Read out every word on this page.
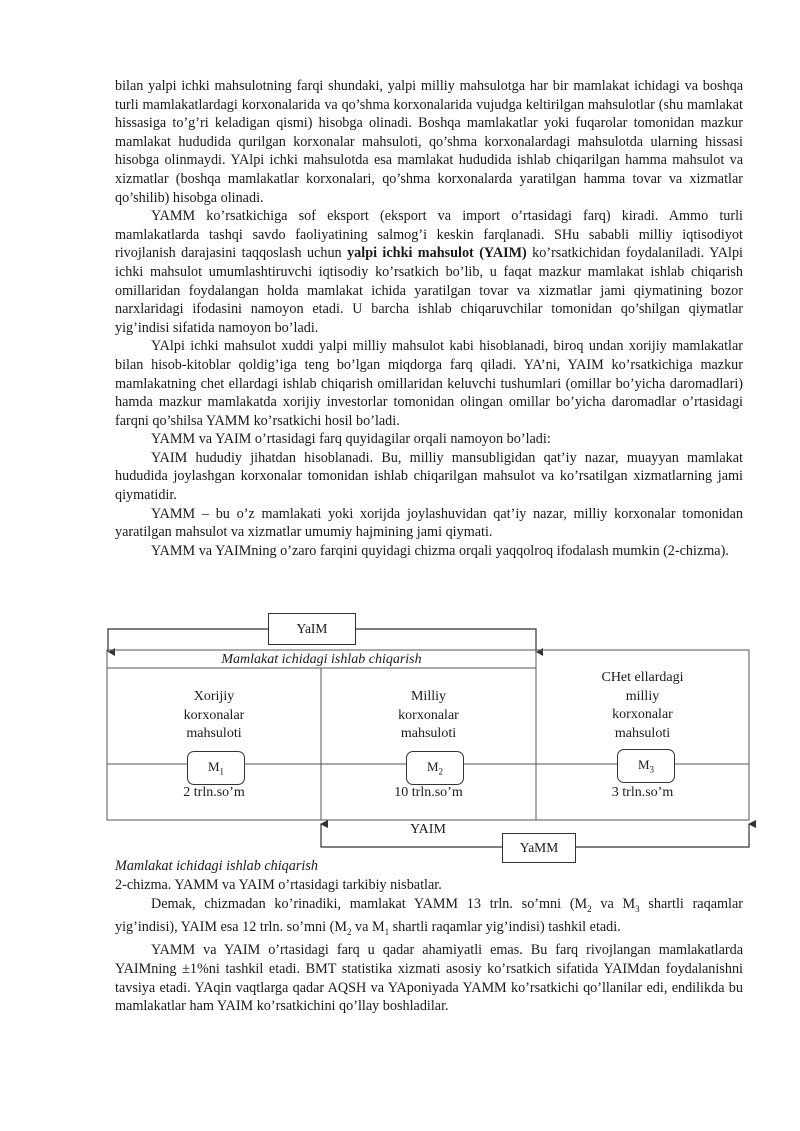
bilan yalpi ichki mahsulotning farqi shundaki, yalpi milliy mahsulotga har bir mamlakat ichidagi va boshqa turli mamlakatlardagi korxonalarida va qo’shma korxonalarida vujudga keltirilgan mahsulotlar (shu mamlakat hissasiga to’g’ri keladigan qismi) hisobga olinadi. Boshqa mamlakatlar yoki fuqarolar tomonidan mazkur mamlakat hududida qurilgan korxonalar mahsuloti, qo’shma korxonalardagi mahsulotda ularning hissasi hisobga olinmaydi. YAlpi ichki mahsulotda esa mamlakat hududida ishlab chiqarilgan hamma mahsulot va xizmatlar (boshqa mamlakatlar korxonalari, qo’shma korxonalarda yaratilgan hamma tovar va xizmatlar qo’shilib) hisobga olinadi.

YAMM ko’rsatkichiga sof eksport (eksport va import o’rtasidagi farq) kiradi. Ammo turli mamlakatlarda tashqi savdo faoliyatining salmog’i keskin farqlanadi. SHu sababli milliy iqtisodiyot rivojlanish darajasini taqqoslash uchun yalpi ichki mahsulot (YAIM) ko’rsatkichidan foydalaniladi. YAlpi ichki mahsulot umumlashtiruvchi iqtisodiy ko’rsatkich bo’lib, u faqat mazkur mamlakat ishlab chiqarish omillaridan foydalangan holda mamlakat ichida yaratilgan tovar va xizmatlar jami qiymatining bozor narxlaridagi ifodasini namoyon etadi. U barcha ishlab chiqaruvchilar tomonidan qo’shilgan qiymatlar yig’indisi sifatida namoyon bo’ladi.

YAlpi ichki mahsulot xuddi yalpi milliy mahsulot kabi hisoblanadi, biroq undan xorijiy mamlakatlar bilan hisob-kitoblar qoldig’iga teng bo’lgan miqdorga farq qiladi. YA’ni, YAIM ko’rsatkichiga mazkur mamlakatning chet ellardagi ishlab chiqarish omillaridan keluvchi tushumlari (omillar bo’yicha daromadlari) hamda mazkur mamlakatda xorijiy investorlar tomonidan olingan omillar bo’yicha daromadlar o’rtasidagi farqni qo’shilsa YAMM ko’rsatkichi hosil bo’ladi.

YAMM va YAIM o’rtasidagi farq quyidagilar orqali namoyon bo’ladi:

YAIM hududiy jihatdan hisoblanadi. Bu, milliy mansubligidan qat’iy nazar, muayyan mamlakat hududida joylashgan korxonalar tomonidan ishlab chiqarilgan mahsulot va ko’rsatilgan xizmatlarning jami qiymatidir.

YAMM – bu o’z mamlakati yoki xorijda joylashuvidan qat’iy nazar, milliy korxonalar tomonidan yaratilgan mahsulot va xizmatlar umumiy hajmining jami qiymati.

YAMM va YAIMning o’zaro farqini quyidagi chizma orqali yaqqolroq ifodalash mumkin (2-chizma).

YaIM
Mamlakat ichidagi ishlab chiqarish
Xorijiy
korxonalar
mahsuloti
$M_1$
2 trln.so’m
Milliy
korxonalar
mahsuloti
$M_2$
10 trln.so’m
CHet ellardagi
milliy
korxonalar
mahsuloti
$M_3$
3 trln.so’m
YAIM
YaMM
Mamlakat ichidagi ishlab chiqarish

2-chizma. YAMM va YAIM o’rtasidagi tarkibiy nisbatlar.

Demak, chizmadan ko’rinadiki, mamlakat YAMM 13 trln. so’mni ($M_2$ va $M_3$ shartli raqamlar yig’indisi), YAIM esa 12 trln. so’mni ($M_2$ va $M_1$ shartli raqamlar yig’indisi) tashkil etadi.

YAMM va YAIM o’rtasidagi farq u qadar ahamiyatli emas. Bu farq rivojlangan mamlakatlarda YAIMning ±1%ni tashkil etadi. BMT statistika xizmati asosiy ko’rsatkich sifatida YAIMdan foydalanishni tavsiya etadi. YAqin vaqtlarga qadar AQSH va YAponiyada YAMM ko’rsatkichi qo’llanilar edi, endilikda bu mamlakatlar ham YAIM ko’rsatkichini qo’llay boshladilar.
